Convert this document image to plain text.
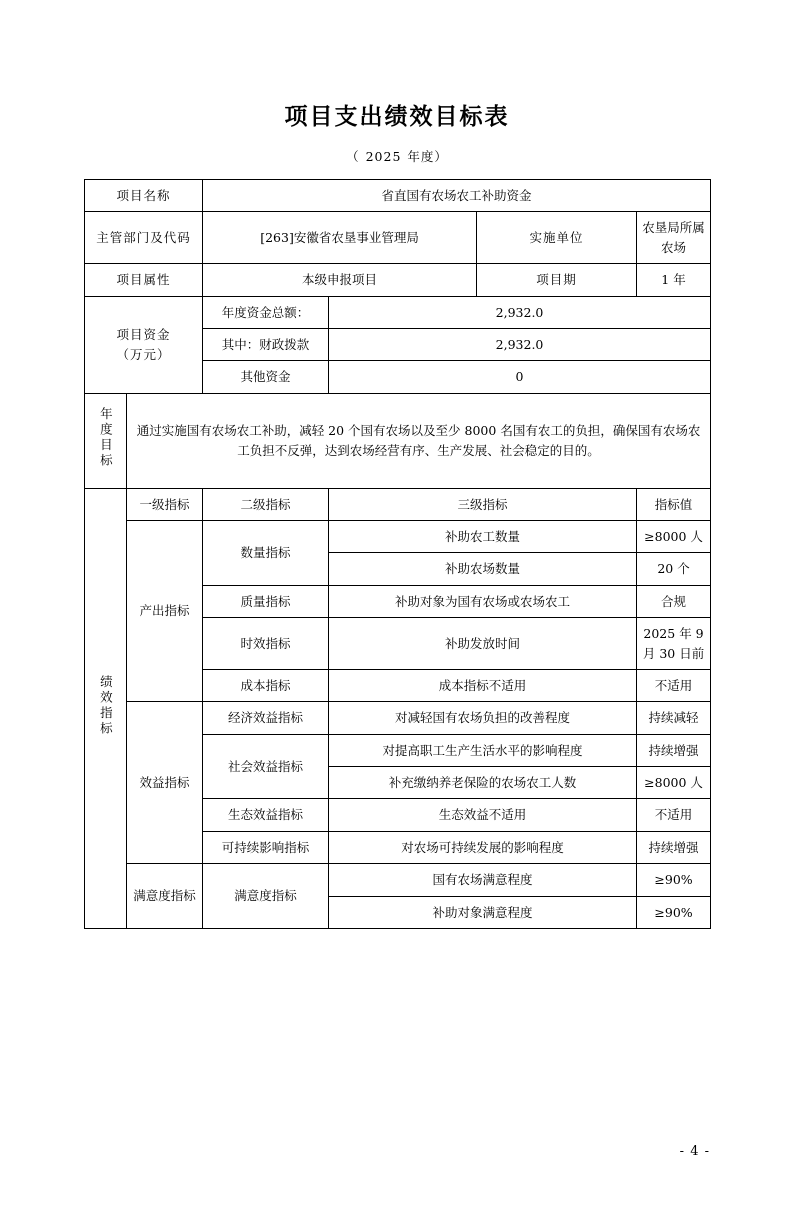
项目支出绩效目标表
（ 2025 年度）
项目名称		省直国有农场农工补助资金			
主管部门及代码		[263]安徽省农垦事业管理局		实施单位	农垦局所属农场
项目属性		本级申报项目		项目期	1 年

项目资金
（万元）		年度资金总额：	2,932.0		
		其中：财政拨款	2,932.0		
		其他资金	0		
年度目标	通过实施国有农场农工补助，减轻 20 个国有农场以及至少 8000 名国有农工的负担，确保国有农场农工负担不反弹，达到农场经营有序、生产发展、社会稳定的目的。				
绩效指标	一级指标	二级指标	三级指标		指标值
	产出指标	数量指标	补助农工数量		≥8000 人
			补助农场数量		20 个
		质量指标	补助对象为国有农场或农场农工		合规
		时效指标	补助发放时间		2025 年 9 月 30 日前
		成本指标	成本指标不适用		不适用
	效益指标	经济效益指标	对减轻国有农场负担的改善程度		持续减轻
		社会效益指标	对提高职工生产生活水平的影响程度		持续增强
			补充缴纳养老保险的农场农工人数		≥8000 人
		生态效益指标	生态效益不适用		不适用
		可持续影响指标	对农场可持续发展的影响程度		持续增强
	满意度指标	满意度指标	国有农场满意程度		≥90%
			补助对象满意程度		≥90%
- 4 -
